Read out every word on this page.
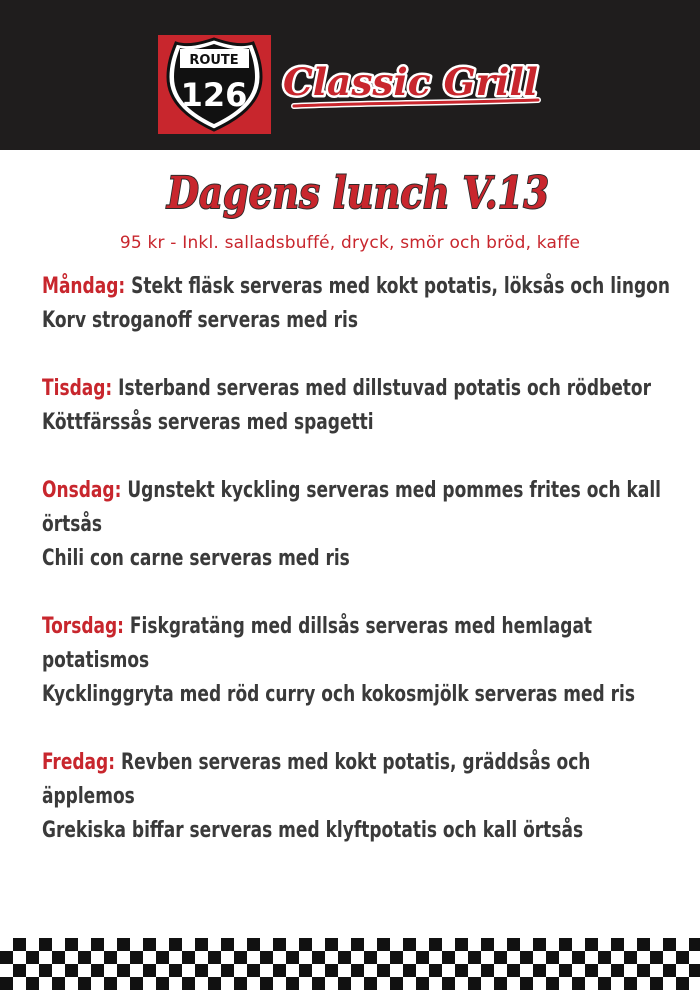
ROUTE
126 Classic Grill
Dagens lunch V.13
95 kr - Inkl. salladsbuffé, dryck, smör och bröd, kaffe
Måndag: Stekt fläsk serveras med kokt potatis, löksås och lingon
Korv stroganoff serveras med ris
Tisdag: Isterband serveras med dillstuvad potatis och rödbetor
Köttfärssås serveras med spagetti
Onsdag: Ugnstekt kyckling serveras med pommes frites och kall örtsås
Chili con carne serveras med ris
Torsdag: Fiskgratäng med dillsås serveras med hemlagat potatismos
Kycklinggryta med röd curry och kokosmjölk serveras med ris
Fredag: Revben serveras med kokt potatis, gräddsås och äpplemos
Grekiska biffar serveras med klyftpotatis och kall örtsås
